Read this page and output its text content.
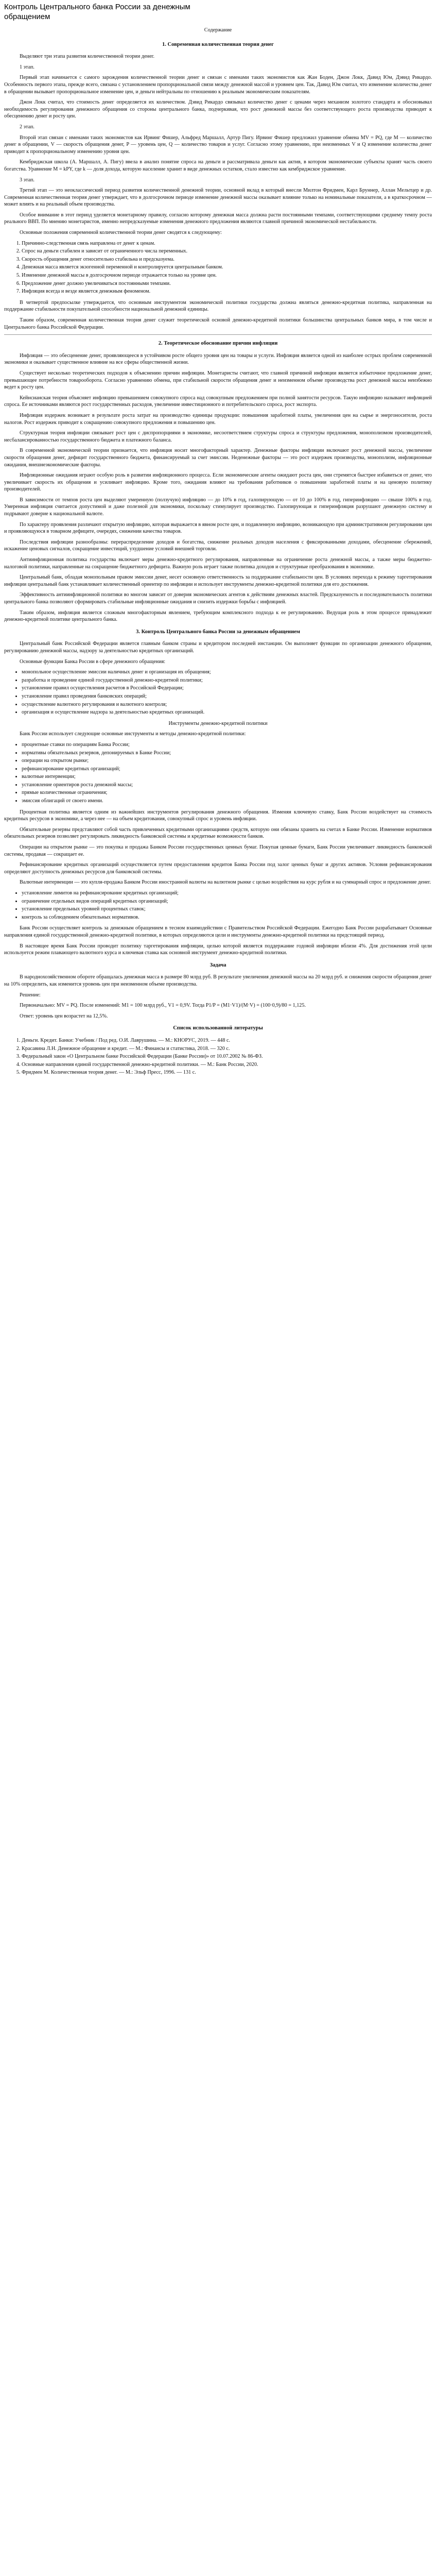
Контроль Центрального банка России за денежным обращением

Содержание

1. Современная количественная теория денег

Выделяют три этапа развития количественной теории денег.

1 этап.

Первый этап начинается с самого зарождения количественной теории денег и связан с именами таких экономистов как Жан Боден, Джон Локк, Давид Юм, Дэвид Рикардо. Особенность первого этапа, прежде всего, связана с установлением пропорциональной связи между денежной массой и уровнем цен. Так, Давид Юм считал, что изменение количества денег в обращении вызывает пропорциональное изменение цен, и деньги нейтральны по отношению к реальным экономическим показателям.

Джон Локк считал, что стоимость денег определяется их количеством. Дэвид Рикардо связывал количество денег с ценами через механизм золотого стандарта и обосновывал необходимость регулирования денежного обращения со стороны центрального банка, подчеркивая, что рост денежной массы без соответствующего роста производства приводит к обесценению денег и росту цен.

2 этап.

Второй этап связан с именами таких экономистов как Ирвинг Фишер, Альфред Маршалл, Артур Пигу. Ирвинг Фишер предложил уравнение обмена MV = PQ, где M — количество денег в обращении, V — скорость обращения денег, P — уровень цен, Q — количество товаров и услуг. Согласно этому уравнению, при неизменных V и Q изменение количества денег приводит к пропорциональному изменению уровня цен.

Кембриджская школа (А. Маршалл, А. Пигу) ввела в анализ понятие спроса на деньги и рассматривала деньги как актив, в котором экономические субъекты хранят часть своего богатства. Уравнение М = kPY, где k — доля дохода, которую население хранит в виде денежных остатков, стало известно как кембриджское уравнение.

3 этап.

Третий этап — это неоклассический период развития количественной денежной теории, основной вклад в который внесли Милтон Фридмен, Карл Бруннер, Аллан Мельтцер и др. Современная количественная теория денег утверждает, что в долгосрочном периоде изменение денежной массы оказывает влияние только на номинальные показатели, а в краткосрочном — может влиять и на реальный объем производства.

Особое внимание в этот период уделяется монетарному правилу, согласно которому денежная масса должна расти постоянными темпами, соответствующими среднему темпу роста реального ВВП. По мнению монетаристов, именно непредсказуемые изменения денежного предложения являются главной причиной экономической нестабильности.

Основные положения современной количественной теории денег сводятся к следующему:

1. Причинно-следственная связь направлена от денег к ценам.
2. Спрос на деньги стабилен и зависит от ограниченного числа переменных.
3. Скорость обращения денег относительно стабильна и предсказуема.
4. Денежная масса является экзогенной переменной и контролируется центральным банком.
5. Изменение денежной массы в долгосрочном периоде отражается только на уровне цен.
6. Предложение денег должно увеличиваться постоянными темпами.
7. Инфляция всегда и везде является денежным феноменом.

В четвертой предпосылке утверждается, что основным инструментом экономической политики государства должна являться денежно-кредитная политика, направленная на поддержание стабильности покупательной способности национальной денежной единицы.

Таким образом, современная количественная теория денег служит теоретической основой денежно-кредитной политики большинства центральных банков мира, в том числе и Центрального банка Российской Федерации.

2. Теоретическое обоснование причин инфляции

Инфляция — это обесценение денег, проявляющееся в устойчивом росте общего уровня цен на товары и услуги. Инфляция является одной из наиболее острых проблем современной экономики и оказывает существенное влияние на все сферы общественной жизни.

Существует несколько теоретических подходов к объяснению причин инфляции. Монетаристы считают, что главной причиной инфляции является избыточное предложение денег, превышающее потребности товарооборота. Согласно уравнению обмена, при стабильной скорости обращения денег и неизменном объеме производства рост денежной массы неизбежно ведет к росту цен.

Кейнсианская теория объясняет инфляцию превышением совокупного спроса над совокупным предложением при полной занятости ресурсов. Такую инфляцию называют инфляцией спроса. Ее источниками являются рост государственных расходов, увеличение инвестиционного и потребительского спроса, рост экспорта.

Инфляция издержек возникает в результате роста затрат на производство единицы продукции: повышения заработной платы, увеличения цен на сырье и энергоносители, роста налогов. Рост издержек приводит к сокращению совокупного предложения и повышению цен.

Структурная теория инфляции связывает рост цен с диспропорциями в экономике, несоответствием структуры спроса и структуры предложения, монополизмом производителей, несбалансированностью государственного бюджета и платежного баланса.

В современной экономической теории признается, что инфляция носит многофакторный характер. Денежные факторы инфляции включают рост денежной массы, увеличение скорости обращения денег, дефицит государственного бюджета, финансируемый за счет эмиссии. Неденежные факторы — это рост издержек производства, монополизм, инфляционные ожидания, внешнеэкономические факторы.

Инфляционные ожидания играют особую роль в развитии инфляционного процесса. Если экономические агенты ожидают роста цен, они стремятся быстрее избавиться от денег, что увеличивает скорость их обращения и усиливает инфляцию. Кроме того, ожидания влияют на требования работников о повышении заработной платы и на ценовую политику производителей.

В зависимости от темпов роста цен выделяют умеренную (ползучую) инфляцию — до 10% в год, галопирующую — от 10 до 100% в год, гиперинфляцию — свыше 100% в год. Умеренная инфляция считается допустимой и даже полезной для экономики, поскольку стимулирует производство. Галопирующая и гиперинфляция разрушают денежную систему и подрывают доверие к национальной валюте.

По характеру проявления различают открытую инфляцию, которая выражается в явном росте цен, и подавленную инфляцию, возникающую при административном регулировании цен и проявляющуюся в товарном дефиците, очередях, снижении качества товаров.

Последствия инфляции разнообразны: перераспределение доходов и богатства, снижение реальных доходов населения с фиксированными доходами, обесценение сбережений, искажение ценовых сигналов, сокращение инвестиций, ухудшение условий внешней торговли.

Антиинфляционная политика государства включает меры денежно-кредитного регулирования, направленные на ограничение роста денежной массы, а также меры бюджетно-налоговой политики, направленные на сокращение бюджетного дефицита. Важную роль играет также политика доходов и структурные преобразования в экономике.

Центральный банк, обладая монопольным правом эмиссии денег, несет основную ответственность за поддержание стабильности цен. В условиях перехода к режиму таргетирования инфляции центральный банк устанавливает количественный ориентир по инфляции и использует инструменты денежно-кредитной политики для его достижения.

Эффективность антиинфляционной политики во многом зависит от доверия экономических агентов к действиям денежных властей. Предсказуемость и последовательность политики центрального банка позволяют сформировать стабильные инфляционные ожидания и снизить издержки борьбы с инфляцией.

Таким образом, инфляция является сложным многофакторным явлением, требующим комплексного подхода к ее регулированию. Ведущая роль в этом процессе принадлежит денежно-кредитной политике центрального банка.

3. Контроль Центрального банка России за денежным обращением

Центральный банк Российской Федерации является главным банком страны и кредитором последней инстанции. Он выполняет функции по организации денежного обращения, регулированию денежной массы, надзору за деятельностью кредитных организаций.

Основные функции Банка России в сфере денежного обращения:

• монопольное осуществление эмиссии наличных денег и организация их обращения;
• разработка и проведение единой государственной денежно-кредитной политики;
• установление правил осуществления расчетов в Российской Федерации;
• установление правил проведения банковских операций;
• осуществление валютного регулирования и валютного контроля;
• организация и осуществление надзора за деятельностью кредитных организаций.

Инструменты денежно-кредитной политики

Банк России использует следующие основные инструменты и методы денежно-кредитной политики:

• процентные ставки по операциям Банка России;
• нормативы обязательных резервов, депонируемых в Банке России;
• операции на открытом рынке;
• рефинансирование кредитных организаций;
• валютные интервенции;
• установление ориентиров роста денежной массы;
• прямые количественные ограничения;
• эмиссия облигаций от своего имени.

Процентная политика является одним из важнейших инструментов регулирования денежного обращения. Изменяя ключевую ставку, Банк России воздействует на стоимость кредитных ресурсов в экономике, а через нее — на объем кредитования, совокупный спрос и уровень инфляции.

Обязательные резервы представляют собой часть привлеченных кредитными организациями средств, которую они обязаны хранить на счетах в Банке России. Изменение нормативов обязательных резервов позволяет регулировать ликвидность банковской системы и кредитные возможности банков.

Операции на открытом рынке — это покупка и продажа Банком России государственных ценных бумаг. Покупая ценные бумаги, Банк России увеличивает ликвидность банковской системы, продавая — сокращает ее.

Рефинансирование кредитных организаций осуществляется путем предоставления кредитов Банка России под залог ценных бумаг и других активов. Условия рефинансирования определяют доступность денежных ресурсов для банковской системы.

Валютные интервенции — это купля-продажа Банком России иностранной валюты на валютном рынке с целью воздействия на курс рубля и на суммарный спрос и предложение денег.

• установление лимитов на рефинансирование кредитных организаций;
• ограничение отдельных видов операций кредитных организаций;
• установление предельных уровней процентных ставок;
• контроль за соблюдением обязательных нормативов.

Банк России осуществляет контроль за денежным обращением в тесном взаимодействии с Правительством Российской Федерации. Ежегодно Банк России разрабатывает Основные направления единой государственной денежно-кредитной политики, в которых определяются цели и инструменты денежно-кредитной политики на предстоящий период.

В настоящее время Банк России проводит политику таргетирования инфляции, целью которой является поддержание годовой инфляции вблизи 4%. Для достижения этой цели используется режим плавающего валютного курса и ключевая ставка как основной инструмент денежно-кредитной политики.

Задача

В народнохозяйственном обороте обращалась денежная масса в размере 80 млрд руб. В результате увеличения денежной массы на 20 млрд руб. и снижения скорости обращения денег на 10% определить, как изменится уровень цен при неизменном объеме производства.

Решение:

Первоначально: MV = PQ. После изменений: M1 = 100 млрд руб., V1 = 0,9V. Тогда P1/P = (M1·V1)/(M·V) = (100·0,9)/80 = 1,125.

Ответ: уровень цен возрастет на 12,5%.

Список использованной литературы
1. Деньги. Кредит. Банки: Учебник / Под ред. О.И. Лаврушина. — М.: КНОРУС, 2019. — 448 с.
2. Красавина Л.Н. Денежное обращение и кредит. — М.: Финансы и статистика, 2018. — 320 с.
3. Федеральный закон «О Центральном банке Российской Федерации (Банке России)» от 10.07.2002 № 86-ФЗ.
4. Основные направления единой государственной денежно-кредитной политики. — М.: Банк России, 2020.
5. Фридмен М. Количественная теория денег. — М.: Эльф Пресс, 1996. — 131 с.
